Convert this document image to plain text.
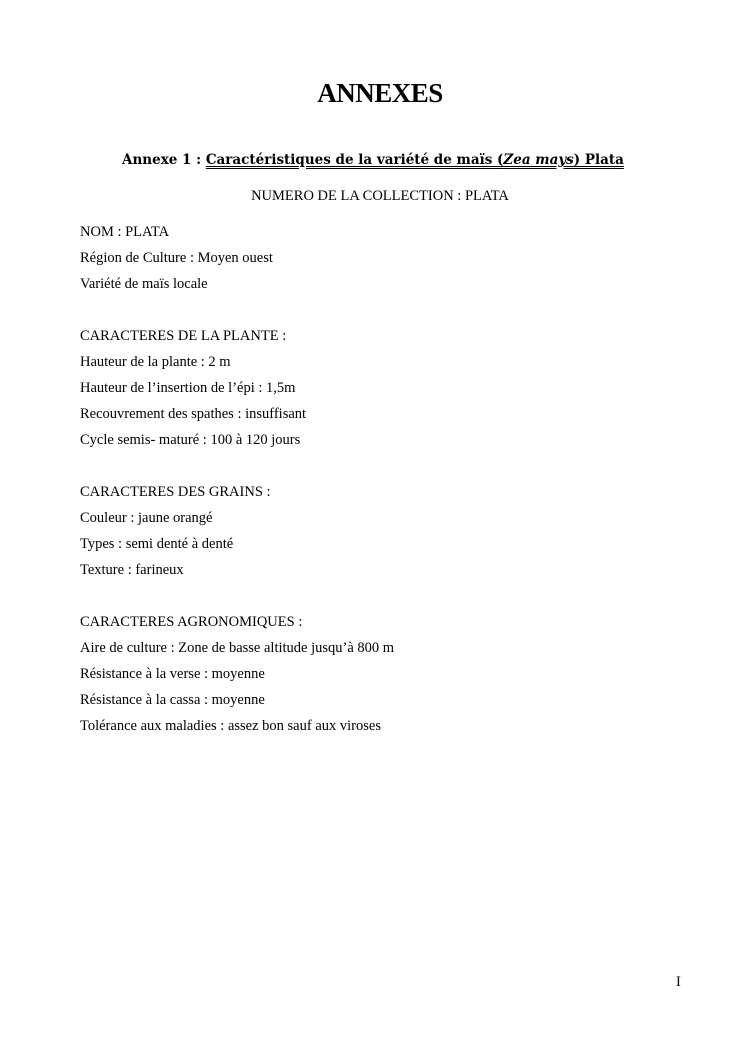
ANNEXES

Annexe 1 : Caractéristiques de la variété de maïs (Zea mays) Plata

NUMERO DE LA COLLECTION : PLATA

NOM : PLATA
Région de Culture : Moyen ouest
Variété de maïs locale
CARACTERES DE LA PLANTE :
Hauteur de la plante : 2 m
Hauteur de l’insertion de l’épi : 1,5m
Recouvrement des spathes : insuffisant
Cycle semis- maturé : 100 à 120 jours
CARACTERES DES GRAINS :
Couleur : jaune orangé
Types : semi denté à denté
Texture : farineux
CARACTERES AGRONOMIQUES :
Aire de culture : Zone de basse altitude jusqu’à 800 m
Résistance à la verse : moyenne
Résistance à la cassa : moyenne
Tolérance aux maladies : assez bon sauf aux viroses
I
